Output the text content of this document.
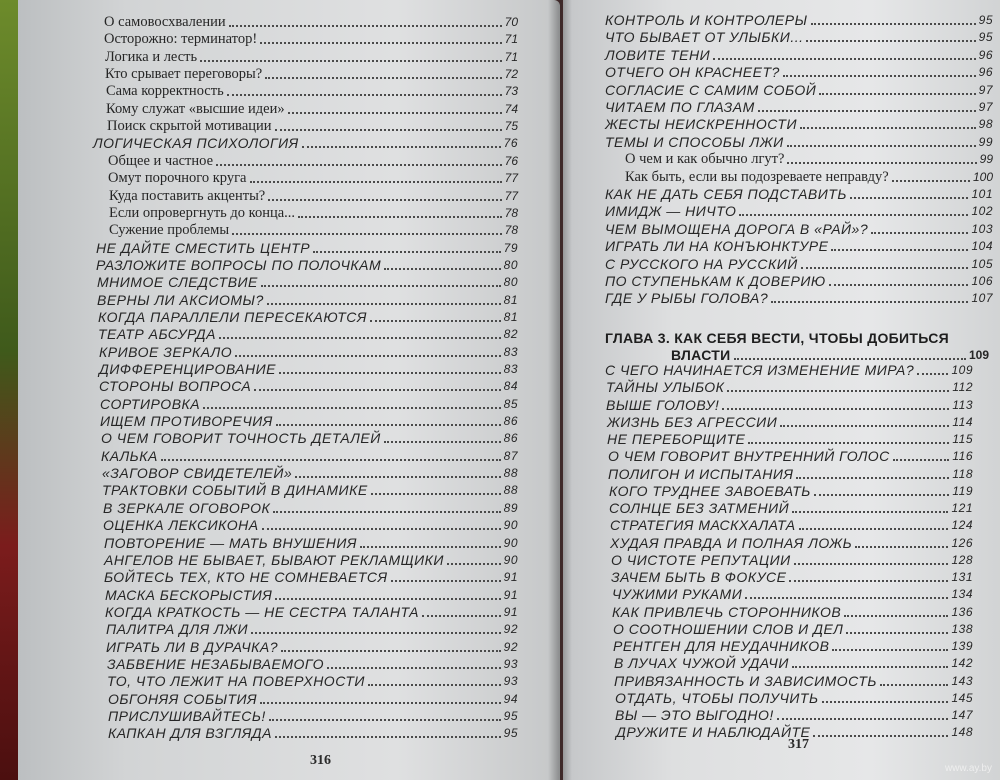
О самовосхвалении	70
Осторожно: терминатор!	71
Логика и лесть	71
Кто срывает переговоры?	72
Сама корректность	73
Кому служат «высшие идеи»	74
Поиск скрытой мотивации	75
ЛОГИЧЕСКАЯ ПСИХОЛОГИЯ	76
Общее и частное	76
Омут порочного круга	77
Куда поставить акценты?	77
Если опровергнуть до конца...	78
Сужение проблемы	78
НЕ ДАЙТЕ СМЕСТИТЬ ЦЕНТР	79
РАЗЛОЖИТЕ ВОПРОСЫ ПО ПОЛОЧКАМ	80
МНИМОЕ СЛЕДСТВИЕ	80
ВЕРНЫ ЛИ АКСИОМЫ?	81
КОГДА ПАРАЛЛЕЛИ ПЕРЕСЕКАЮТСЯ	81
ТЕАТР АБСУРДА	82
КРИВОЕ ЗЕРКАЛО	83
ДИФФЕРЕНЦИРОВАНИЕ	83
СТОРОНЫ ВОПРОСА	84
СОРТИРОВКА	85
ИЩЕМ ПРОТИВОРЕЧИЯ	86
О ЧЕМ ГОВОРИТ ТОЧНОСТЬ ДЕТАЛЕЙ	86
КАЛЬКА	87
«ЗАГОВОР СВИДЕТЕЛЕЙ»	88
ТРАКТОВКИ СОБЫТИЙ В ДИНАМИКЕ	88
В ЗЕРКАЛЕ ОГОВОРОК	89
ОЦЕНКА ЛЕКСИКОНА	90
ПОВТОРЕНИЕ — МАТЬ ВНУШЕНИЯ	90
АНГЕЛОВ НЕ БЫВАЕТ, БЫВАЮТ РЕКЛАМЩИКИ	90
БОЙТЕСЬ ТЕХ, КТО НЕ СОМНЕВАЕТСЯ	91
МАСКА БЕСКОРЫСТИЯ	91
КОГДА КРАТКОСТЬ — НЕ СЕСТРА ТАЛАНТА	91
ПАЛИТРА ДЛЯ ЛЖИ	92
ИГРАТЬ ЛИ В ДУРАЧКА?	92
ЗАБВЕНИЕ НЕЗАБЫВАЕМОГО	93
ТО, ЧТО ЛЕЖИТ НА ПОВЕРХНОСТИ	93
ОБГОНЯЯ СОБЫТИЯ	94
ПРИСЛУШИВАЙТЕСЬ!	95
КАПКАН ДЛЯ ВЗГЛЯДА	95
316
КОНТРОЛЬ И КОНТРОЛЕРЫ	95
ЧТО БЫВАЕТ ОТ УЛЫБКИ...	95
ЛОВИТЕ ТЕНИ	96
ОТЧЕГО ОН КРАСНЕЕТ?	96
СОГЛАСИЕ С САМИМ СОБОЙ	97
ЧИТАЕМ ПО ГЛАЗАМ	97
ЖЕСТЫ НЕИСКРЕННОСТИ	98
ТЕМЫ И СПОСОБЫ ЛЖИ	99
О чем и как обычно лгут?	99
Как быть, если вы подозреваете неправду?	100
КАК НЕ ДАТЬ СЕБЯ ПОДСТАВИТЬ	101
ИМИДЖ — НИЧТО	102
ЧЕМ ВЫМОЩЕНА ДОРОГА В «РАЙ»?	103
ИГРАТЬ ЛИ НА КОНЪЮНКТУРЕ	104
С РУССКОГО НА РУССКИЙ	105
ПО СТУПЕНЬКАМ К ДОВЕРИЮ	106
ГДЕ У РЫБЫ ГОЛОВА?	107
ГЛАВА 3. КАК СЕБЯ ВЕСТИ, ЧТОБЫ ДОБИТЬСЯ
ВЛАСТИ	109
С ЧЕГО НАЧИНАЕТСЯ ИЗМЕНЕНИЕ МИРА?	109
ТАЙНЫ УЛЫБОК	112
ВЫШЕ ГОЛОВУ!	113
ЖИЗНЬ БЕЗ АГРЕССИИ	114
НЕ ПЕРЕБОРЩИТЕ	115
О ЧЕМ ГОВОРИТ ВНУТРЕННИЙ ГОЛОС	116
ПОЛИГОН И ИСПЫТАНИЯ	118
КОГО ТРУДНЕЕ ЗАВОЕВАТЬ	119
СОЛНЦЕ БЕЗ ЗАТМЕНИЙ	121
СТРАТЕГИЯ МАСКХАЛАТА	124
ХУДАЯ ПРАВДА И ПОЛНАЯ ЛОЖЬ	126
О ЧИСТОТЕ РЕПУТАЦИИ	128
ЗАЧЕМ БЫТЬ В ФОКУСЕ	131
ЧУЖИМИ РУКАМИ	134
КАК ПРИВЛЕЧЬ СТОРОННИКОВ	136
О СООТНОШЕНИИ СЛОВ И ДЕЛ	138
РЕНТГЕН ДЛЯ НЕУДАЧНИКОВ	139
В ЛУЧАХ ЧУЖОЙ УДАЧИ	142
ПРИВЯЗАННОСТЬ И ЗАВИСИМОСТЬ	143
ОТДАТЬ, ЧТОБЫ ПОЛУЧИТЬ	145
ВЫ — ЭТО ВЫГОДНО!	147
ДРУЖИТЕ И НАБЛЮДАЙТЕ	148
317
www.ay.by
